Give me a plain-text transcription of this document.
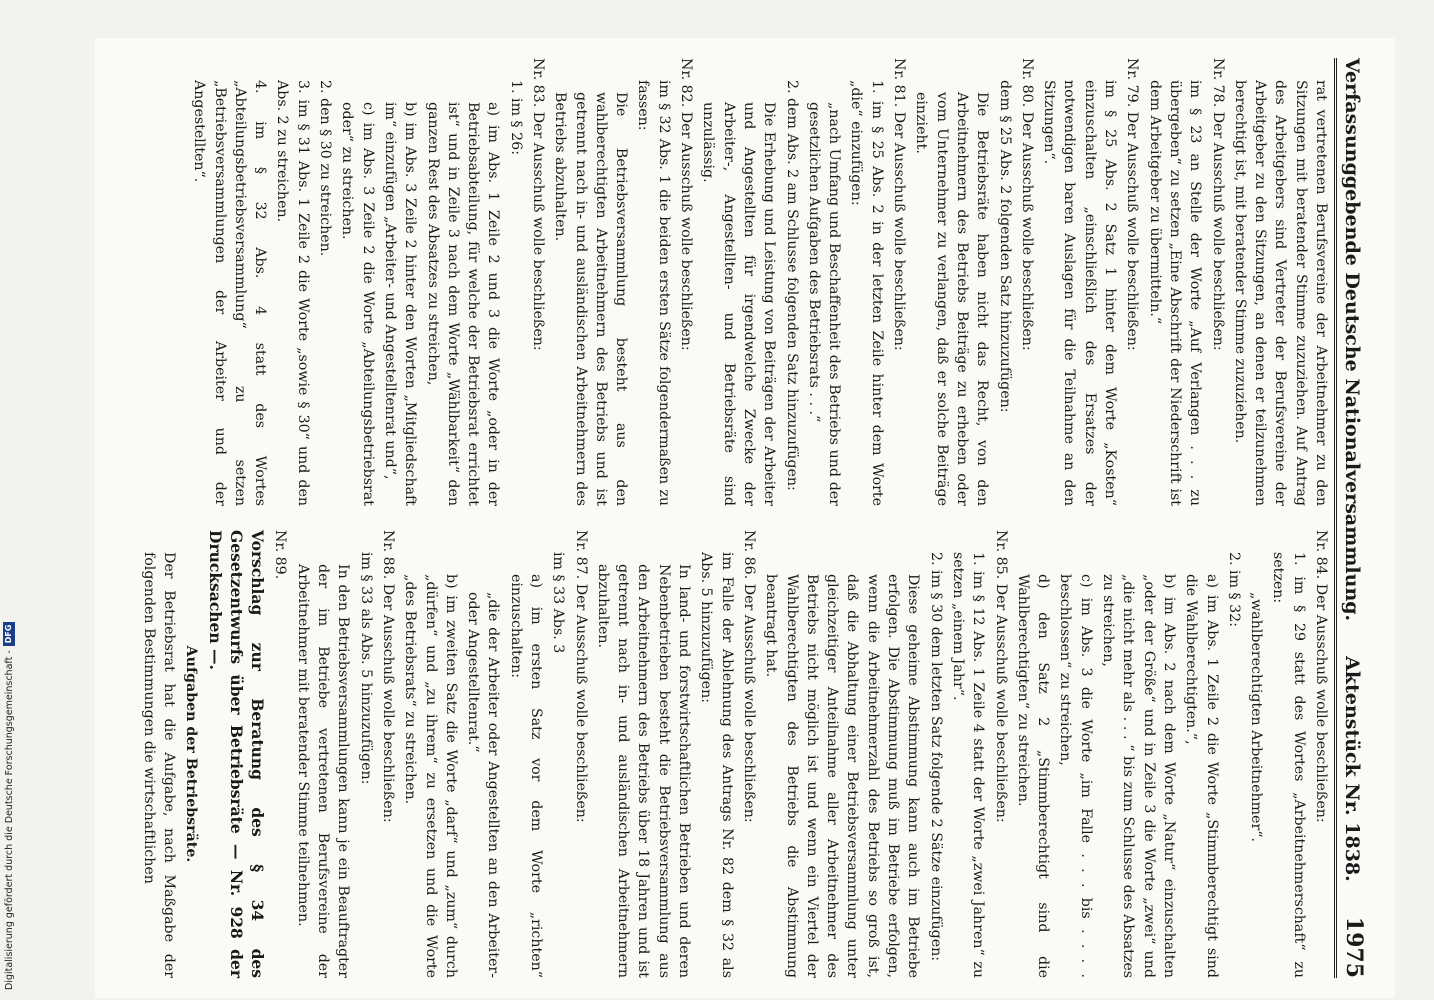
Verfassunggebende Deutsche Nationalversammlung.
Aktenstück Nr. 1838.
1975
rat vertretenen Berufsvereine der Arbeitnehmer zu den Sitzungen mit beratender Stimme zuzuziehen. Auf Antrag des Arbeitgebers sind Vertreter der Berufsvereine der Arbeitgeber zu den Sitzungen, an denen er teilzunehmen berechtigt ist, mit beratender Stimme zuzuziehen.
Nr. 78. Der Ausschuß wolle beschließen:
im § 23 an Stelle der Worte „Auf Verlangen . . . zu übergeben“ zu setzen „Eine Abschrift der Niederschrift ist dem Arbeitgeber zu übermitteln.“
Nr. 79. Der Ausschuß wolle beschließen:
im § 25 Abs. 2 Satz 1 hinter dem Worte „Kosten“ einzuschalten „einschließlich des Ersatzes der notwendigen baren Auslagen für die Teilnahme an den Sitzungen“.
Nr. 80. Der Ausschuß wolle beschließen:
dem § 25 Abs. 2 folgenden Satz hinzuzufügen:
Die Betriebsräte haben nicht das Recht, von den Arbeitnehmern des Betriebs Beiträge zu erheben oder vom Unternehmer zu verlangen, daß er solche Beiträge einzieht.
Nr. 81. Der Ausschuß wolle beschließen:
1. im § 25 Abs. 2 in der letzten Zeile hinter dem Worte „die“ einzufügen:
„nach Umfang und Beschaffenheit des Betriebs und der gesetzlichen Aufgaben des Betriebsrats . . .“
2. dem Abs. 2 am Schlusse folgenden Satz hinzuzufügen:
Die Erhebung und Leistung von Beiträgen der Arbeiter und Angestellten für irgendwelche Zwecke der Arbeiter-, Angestellten- und Betriebsräte sind unzulässig.
Nr. 82. Der Ausschuß wolle beschließen:
im § 32 Abs. 1 die beiden ersten Sätze folgendermaßen zu fassen:
Die Betriebsversammlung besteht aus den wahlberechtigten Arbeitnehmern des Betriebs und ist getrennt nach in- und ausländischen Arbeitnehmern des Betriebs abzuhalten.
Nr. 83. Der Ausschuß wolle beschließen:
1. im § 26:
a) im Abs. 1 Zeile 2 und 3 die Worte „oder in der Betriebsabteilung, für welche der Betriebsrat errichtet ist“ und in Zeile 3 nach dem Worte „Wählbarkeit“ den ganzen Rest des Absatzes zu streichen,
b) im Abs. 3 Zeile 2 hinter den Worten „Mitgliedschaft im“ einzufügen „Arbeiter- und Angestelltenrat und“,
c) im Abs. 3 Zeile 2 die Worte „Abteilungsbetriebsrat oder“ zu streichen.
2. den § 30 zu streichen.
3. im § 31 Abs. 1 Zeile 2 die Worte „sowie § 30“ und den Abs. 2 zu streichen.
4. im § 32 Abs. 4 statt des Wortes „Abteilungsbetriebsversammlung“ zu setzen „Betriebsversammlungen der Arbeiter und der Angestellten“.
Nr. 84. Der Ausschuß wolle beschließen:
1. im § 29 statt des Wortes „Arbeitnehmerschaft“ zu setzen:
„wahlberechtigten Arbeitnehmer“.
2. im § 32:
a) im Abs. 1 Zeile 2 die Worte „Stimmberechtigt sind die Wahlberechtigten.“,
b) im Abs. 2 nach dem Worte „Natur“ einzuschalten „oder der Größe“ und in Zeile 3 die Worte „zwei“ und „die nicht mehr als . . . “ bis zum Schlusse des Absatzes zu streichen,
c) im Abs. 3 die Worte „im Falle . . . bis . . . . beschlossen“ zu streichen,
d) den Satz 2 „Stimmberechtigt sind die Wahlberechtigten“ zu streichen.
Nr. 85. Der Ausschuß wolle beschließen:
1. im § 12 Abs. 1 Zeile 4 statt der Worte „zwei Jahren“ zu setzen „einem Jahr“.
2. im § 30 dem letzten Satz folgende 2 Sätze einzufügen:
Diese geheime Abstimmung kann auch im Betriebe erfolgen. Die Abstimmung muß im Betriebe erfolgen, wenn die Arbeitnehmerzahl des Betriebs so groß ist, daß die Abhaltung einer Betriebsversammlung unter gleichzeitiger Anteilnahme aller Arbeitnehmer des Betriebs nicht möglich ist und wenn ein Viertel der Wahlberechtigten des Betriebs die Abstimmung beantragt hat.
Nr. 86. Der Ausschuß wolle beschließen:
im Falle der Ablehnung des Antrags Nr. 82 dem § 32 als Abs. 5 hinzuzufügen:
In land- und forstwirtschaftlichen Betrieben und deren Nebenbetrieben besteht die Betriebsversammlung aus den Arbeitnehmern des Betriebs über 18 Jahren und ist getrennt nach in- und ausländischen Arbeitnehmern abzuhalten.
Nr. 87. Der Ausschuß wolle beschließen:
im § 33 Abs. 3
a) im ersten Satz vor dem Worte „richten“ einzuschalten:
„die der Arbeiter oder Angestellten an den Arbeiter- oder Angestelltenrat.“
b) im zweiten Satz die Worte „darf“ und „zum“ durch „dürfen“ und „zu ihrem“ zu ersetzen und die Worte „des Betriebsrats“ zu streichen.
Nr. 88. Der Ausschuß wolle beschließen:
im § 33 als Abs. 5 hinzuzufügen:
In den Betriebsversammlungen kann je ein Beauftragter der im Betriebe vertretenen Berufsvereine der Arbeitnehmer mit beratender Stimme teilnehmen.
Nr. 89.
Vorschlag zur Beratung des § 34 des Gesetzentwurfs über Betriebsräte — Nr. 928 der Drucksachen —.
Aufgaben der Betriebsräte.
Der Betriebsrat hat die Aufgabe, nach Maßgabe der folgenden Bestimmungen die wirtschaftlichen
Digitalisierung gefördert durch die Deutsche Forschungsgemeinschaft -
DFG
